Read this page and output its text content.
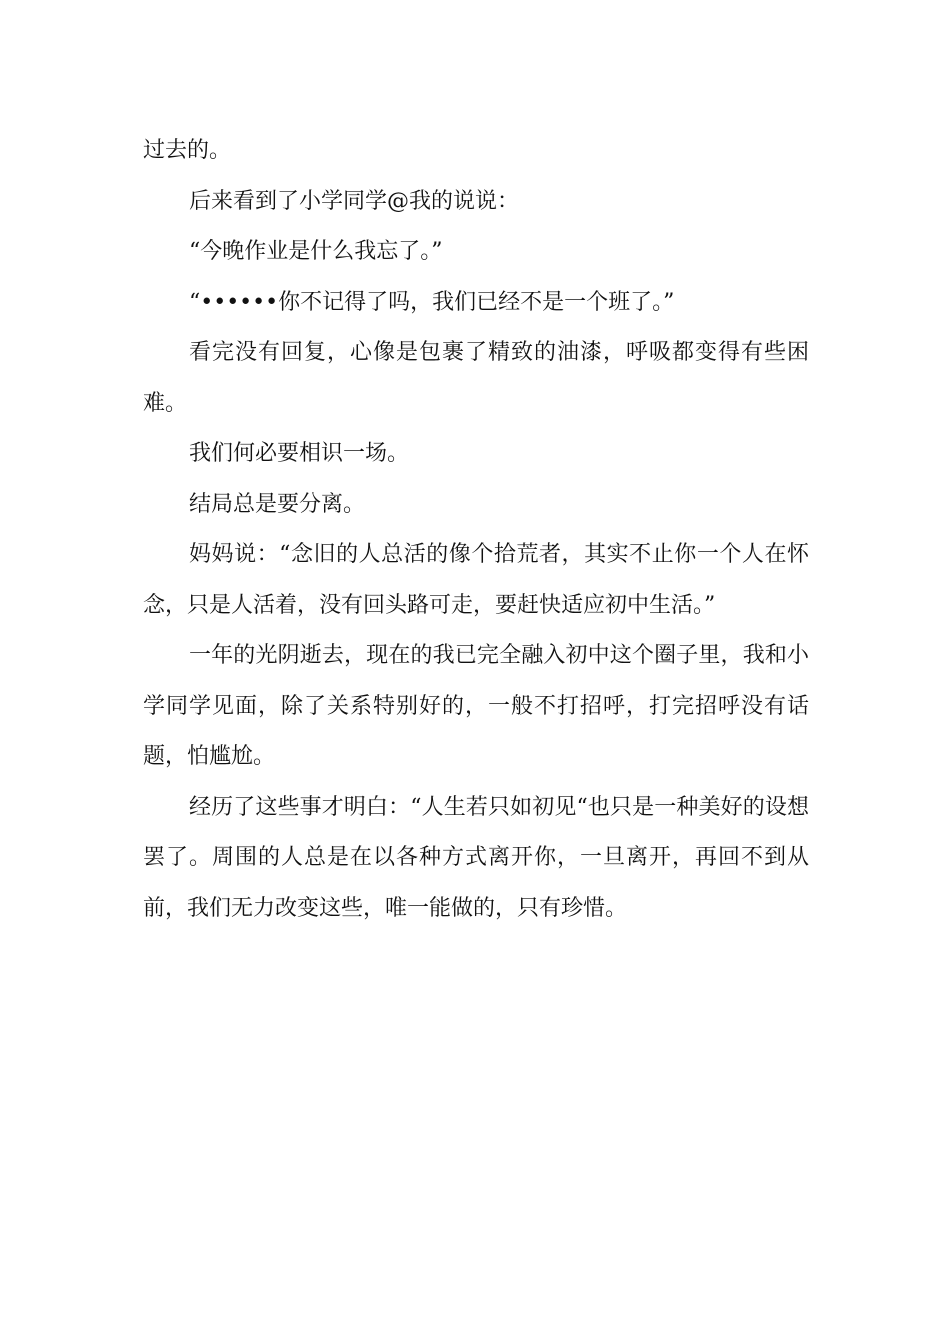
过去的。

后来看到了小学同学@我的说说：

“今晚作业是什么我忘了。”

“••••••你不记得了吗，我们已经不是一个班了。”

看完没有回复，心像是包裹了精致的油漆，呼吸都变得有些困难。

我们何必要相识一场。

结局总是要分离。

妈妈说：“念旧的人总活的像个拾荒者，其实不止你一个人在怀念，只是人活着，没有回头路可走，要赶快适应初中生活。”

一年的光阴逝去，现在的我已完全融入初中这个圈子里，我和小学同学见面，除了关系特别好的，一般不打招呼，打完招呼没有话题，怕尴尬。

经历了这些事才明白：“人生若只如初见“也只是一种美好的设想罢了。周围的人总是在以各种方式离开你，一旦离开，再回不到从前，我们无力改变这些，唯一能做的，只有珍惜。
